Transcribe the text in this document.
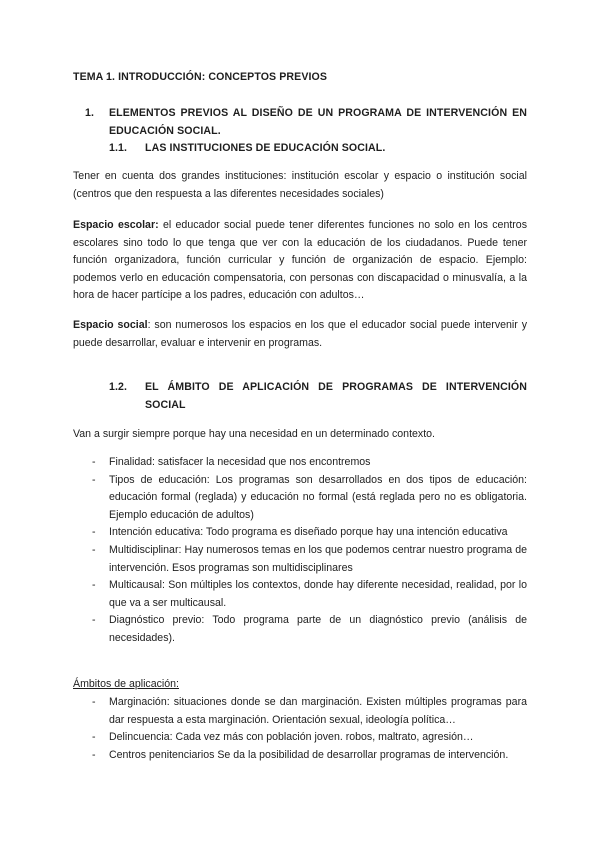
TEMA 1. INTRODUCCIÓN: CONCEPTOS PREVIOS
1. ELEMENTOS PREVIOS AL DISEÑO DE UN PROGRAMA DE INTERVENCIÓN EN EDUCACIÓN SOCIAL.
1.1. LAS INSTITUCIONES DE EDUCACIÓN SOCIAL.
Tener en cuenta dos grandes instituciones: institución escolar y espacio o institución social (centros que den respuesta a las diferentes necesidades sociales)
Espacio escolar: el educador social puede tener diferentes funciones no solo en los centros escolares sino todo lo que tenga que ver con la educación de los ciudadanos. Puede tener función organizadora, función curricular y función de organización de espacio. Ejemplo: podemos verlo en educación compensatoria, con personas con discapacidad o minusvalía, a la hora de hacer partícipe a los padres, educación con adultos…
Espacio social: son numerosos los espacios en los que el educador social puede intervenir y puede desarrollar, evaluar e intervenir en programas.
1.2. EL ÁMBITO DE APLICACIÓN DE PROGRAMAS DE INTERVENCIÓN SOCIAL
Van a surgir siempre porque hay una necesidad en un determinado contexto.
- Finalidad: satisfacer la necesidad que nos encontremos
- Tipos de educación: Los programas son desarrollados en dos tipos de educación: educación formal (reglada) y educación no formal (está reglada pero no es obligatoria. Ejemplo educación de adultos)
- Intención educativa: Todo programa es diseñado porque hay una intención educativa
- Multidisciplinar: Hay numerosos temas en los que podemos centrar nuestro programa de intervención. Esos programas son multidisciplinares
- Multicausal: Son múltiples los contextos, donde hay diferente necesidad, realidad, por lo que va a ser multicausal.
- Diagnóstico previo: Todo programa parte de un diagnóstico previo (análisis de necesidades).
Ámbitos de aplicación:
- Marginación: situaciones donde se dan marginación. Existen múltiples programas para dar respuesta a esta marginación. Orientación sexual, ideología política…
- Delincuencia: Cada vez más con población joven. robos, maltrato, agresión…
- Centros penitenciarios Se da la posibilidad de desarrollar programas de intervención.
